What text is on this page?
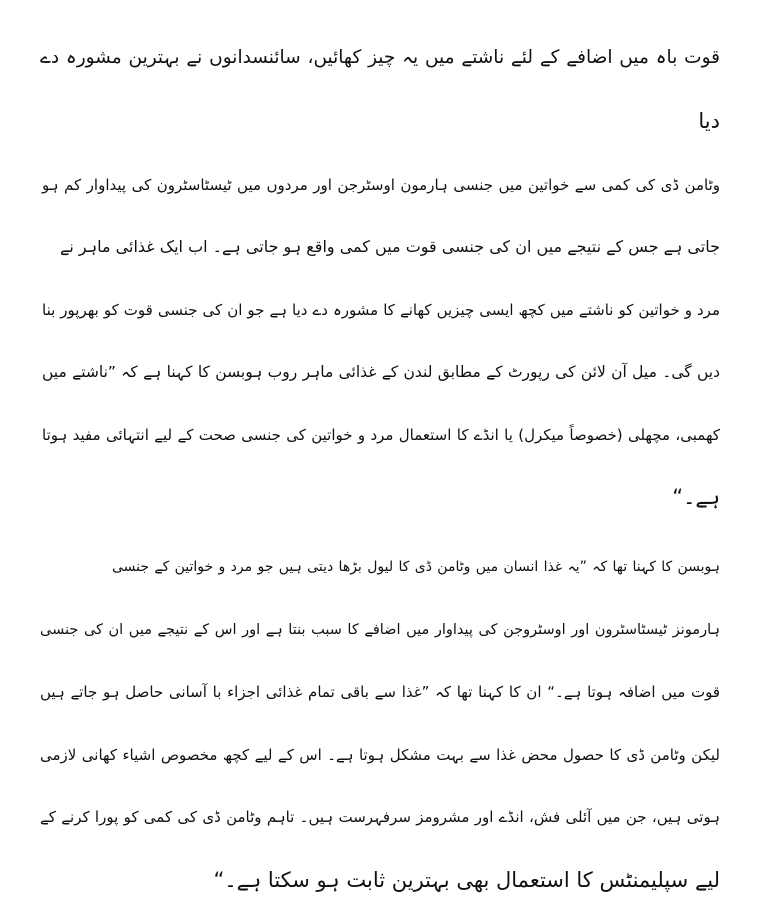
قوت باہ میں اضافے کے لئے ناشتے میں یہ چیز کھائیں، سائنسدانوں نے بہترین مشورہ دے
دیا
وٹامن ڈی کی کمی سے خواتین میں جنسی ہارمون اوسٹرجن اور مردوں میں ٹیسٹاسٹرون کی پیداوار کم ہو
جاتی ہے جس کے نتیجے میں ان کی جنسی قوت میں کمی واقع ہو جاتی ہے۔ اب ایک غذائی ماہر نے
مرد و خواتین کو ناشتے میں کچھ ایسی چیزیں کھانے کا مشورہ دے دیا ہے جو ان کی جنسی قوت کو بھرپور بنا
دیں گی۔ میل آن لائن کی رپورٹ کے مطابق لندن کے غذائی ماہر روب ہوبسن کا کہنا ہے کہ ”ناشتے میں
کھمبی، مچھلی (خصوصاً میکرل) یا انڈے کا استعمال مرد و خواتین کی جنسی صحت کے لیے انتہائی مفید ہوتا
ہے۔“
ہوبسن کا کہنا تھا کہ ”یہ غذا انسان میں وٹامن ڈی کا لیول بڑھا دیتی ہیں جو مرد و خواتین کے جنسی
ہارمونز ٹیسٹاسٹرون اور اوسٹروجن کی پیداوار میں اضافے کا سبب بنتا ہے اور اس کے نتیجے میں ان کی جنسی
قوت میں اضافہ ہوتا ہے۔“ ان کا کہنا تھا کہ ”غذا سے باقی تمام غذائی اجزاء با آسانی حاصل ہو جاتے ہیں
لیکن وٹامن ڈی کا حصول محض غذا سے بہت مشکل ہوتا ہے۔ اس کے لیے کچھ مخصوص اشیاء کھانی لازمی
ہوتی ہیں، جن میں آئلی فش، انڈے اور مشرومز سرفہرست ہیں۔ تاہم وٹامن ڈی کی کمی کو پورا کرنے کے
لیے سپلیمنٹس کا استعمال بھی بہترین ثابت ہو سکتا ہے۔“
